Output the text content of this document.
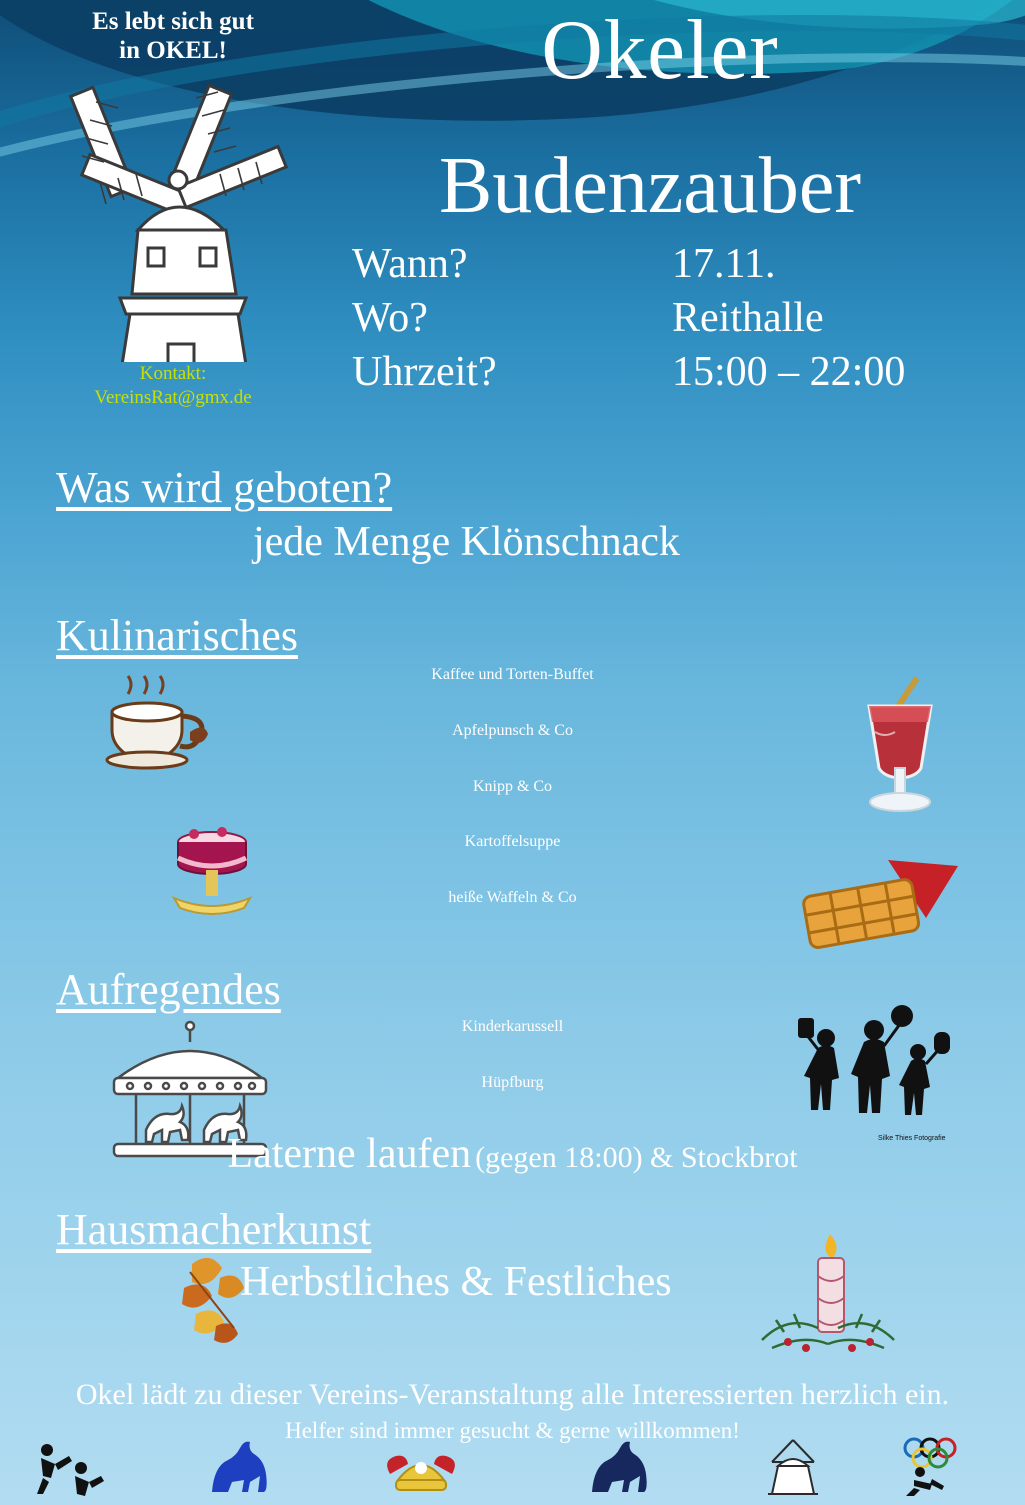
Es lebt sich gut
in OKEL!
Kontakt:
VereinsRat@gmx.de
Okeler
Budenzauber
Wann?	17.11.
Wo?	Reithalle
Uhrzeit?	15:00 – 22:00
Was wird geboten?
jede Menge Klönschnack
Kulinarisches
Kaffee und Torten-Buffet
Apfelpunsch & Co
Knipp & Co
Kartoffelsuppe
heiße Waffeln & Co
Aufregendes
Kinderkarussell
Hüpfburg
Laterne laufen (gegen 18:00) & Stockbrot
Silke Thies Fotografie
Hausmacherkunst
Herbstliches & Festliches
Okel lädt zu dieser Vereins-Veranstaltung alle Interessierten herzlich ein.
Helfer sind immer gesucht & gerne willkommen!
